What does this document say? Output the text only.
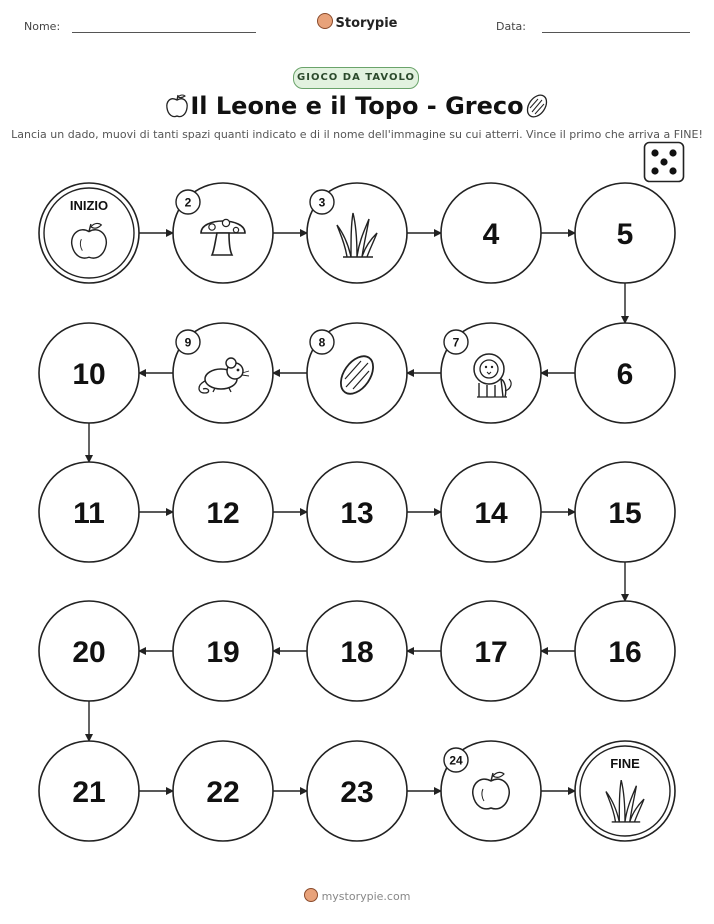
Nome:	Storypie	Data:
GIOCO DA TAVOLO
Il Leone e il Topo - Greco
Lancia un dado, muovi di tanti spazi quanti indicato e di il nome dell'immagine su cui atterri. Vince il primo che arriva a FINE!
INIZIO	2	3
4	5
6
7
8
9
10
11	12	13	14	15
16
17
18
19
20
21	22	23
24	FINE
mystorypie.com
